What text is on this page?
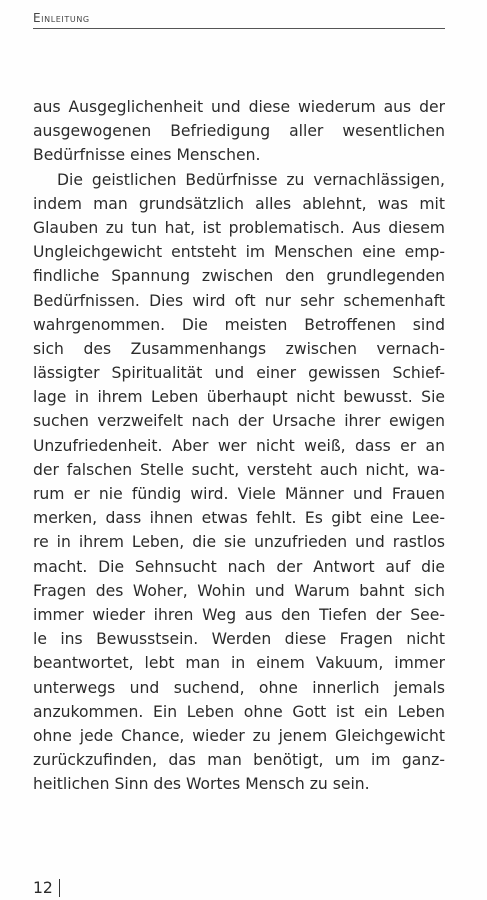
Einleitung
aus Ausgeglichenheit und diese wiederum aus der
ausgewogenen Befriedigung aller wesentlichen
Bedürfnisse eines Menschen.
Die geistlichen Bedürfnisse zu vernachlässigen,
indem man grundsätzlich alles ablehnt, was mit
Glauben zu tun hat, ist problematisch. Aus diesem
Ungleichgewicht entsteht im Menschen eine emp-
findliche Spannung zwischen den grundlegenden
Bedürfnissen. Dies wird oft nur sehr schemenhaft
wahrgenommen. Die meisten Betroffenen sind
sich des Zusammenhangs zwischen vernach-
lässigter Spiritualität und einer gewissen Schief-
lage in ihrem Leben überhaupt nicht bewusst. Sie
suchen verzweifelt nach der Ursache ihrer ewigen
Unzufriedenheit. Aber wer nicht weiß, dass er an
der falschen Stelle sucht, versteht auch nicht, wa-
rum er nie fündig wird. Viele Männer und Frauen
merken, dass ihnen etwas fehlt. Es gibt eine Lee-
re in ihrem Leben, die sie unzufrieden und rastlos
macht. Die Sehnsucht nach der Antwort auf die
Fragen des Woher, Wohin und Warum bahnt sich
immer wieder ihren Weg aus den Tiefen der See-
le ins Bewusstsein. Werden diese Fragen nicht
beantwortet, lebt man in einem Vakuum, immer
unterwegs und suchend, ohne innerlich jemals
anzukommen. Ein Leben ohne Gott ist ein Leben
ohne jede Chance, wieder zu jenem Gleichgewicht
zurückzufinden, das man benötigt, um im ganz-
heitlichen Sinn des Wortes Mensch zu sein.
12
